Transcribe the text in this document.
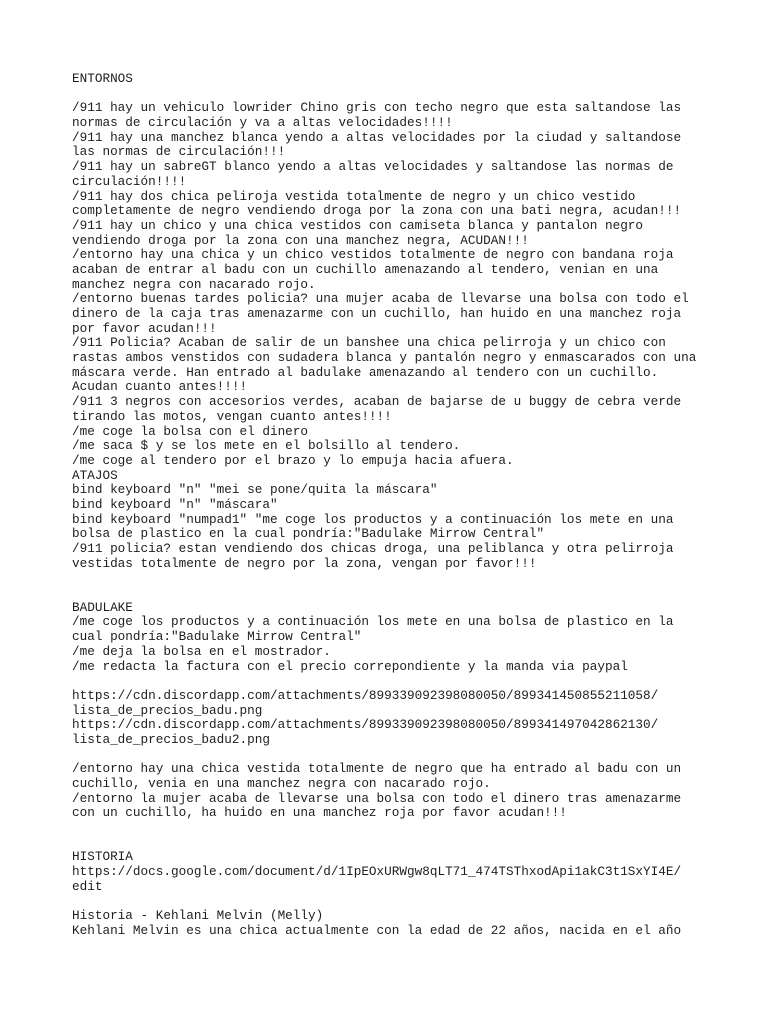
ENTORNOS
/911 hay un vehiculo lowrider Chino gris con techo negro que esta saltandose las
normas de circulación y va a altas velocidades!!!!
/911 hay una manchez blanca yendo a altas velocidades por la ciudad y saltandose
las normas de circulación!!!
/911 hay un sabreGT blanco yendo a altas velocidades y saltandose las normas de
circulación!!!!
/911 hay dos chica peliroja vestida totalmente de negro y un chico vestido
completamente de negro vendiendo droga por la zona con una bati negra, acudan!!!
/911 hay un chico y una chica vestidos con camiseta blanca y pantalon negro
vendiendo droga por la zona con una manchez negra, ACUDAN!!!
/entorno hay una chica y un chico vestidos totalmente de negro con bandana roja
acaban de entrar al badu con un cuchillo amenazando al tendero, venian en una
manchez negra con nacarado rojo.
/entorno buenas tardes policia? una mujer acaba de llevarse una bolsa con todo el
dinero de la caja tras amenazarme con un cuchillo, han huido en una manchez roja
por favor acudan!!!
/911 Policia? Acaban de salir de un banshee una chica pelirroja y un chico con
rastas ambos venstidos con sudadera blanca y pantalón negro y enmascarados con una
máscara verde. Han entrado al badulake amenazando al tendero con un cuchillo.
Acudan cuanto antes!!!!
/911 3 negros con accesorios verdes, acaban de bajarse de u buggy de cebra verde
tirando las motos, vengan cuanto antes!!!!
/me coge la bolsa con el dinero
/me saca $ y se los mete en el bolsillo al tendero.
/me coge al tendero por el brazo y lo empuja hacia afuera.
ATAJOS
bind keyboard "n" "mei se pone/quita la máscara"
bind keyboard "n" "máscara"
bind keyboard "numpad1" "me coge los productos y a continuación los mete en una
bolsa de plastico en la cual pondría:"Badulake Mirrow Central"
/911 policia? estan vendiendo dos chicas droga, una peliblanca y otra pelirroja
vestidas totalmente de negro por la zona, vengan por favor!!!
BADULAKE
/me coge los productos y a continuación los mete en una bolsa de plastico en la
cual pondría:"Badulake Mirrow Central"
/me deja la bolsa en el mostrador.
/me redacta la factura con el precio correpondiente y la manda via paypal
https://cdn.discordapp.com/attachments/899339092398080050/899341450855211058/
lista_de_precios_badu.png
https://cdn.discordapp.com/attachments/899339092398080050/899341497042862130/
lista_de_precios_badu2.png
/entorno hay una chica vestida totalmente de negro que ha entrado al badu con un
cuchillo, venia en una manchez negra con nacarado rojo.
/entorno la mujer acaba de llevarse una bolsa con todo el dinero tras amenazarme
con un cuchillo, ha huido en una manchez roja por favor acudan!!!
HISTORIA
https://docs.google.com/document/d/1IpEOxURWgw8qLT71_474TSThxodApi1akC3t1SxYI4E/
edit
Historia - Kehlani Melvin (Melly)
Kehlani Melvin es una chica actualmente con la edad de 22 años, nacida en el año
